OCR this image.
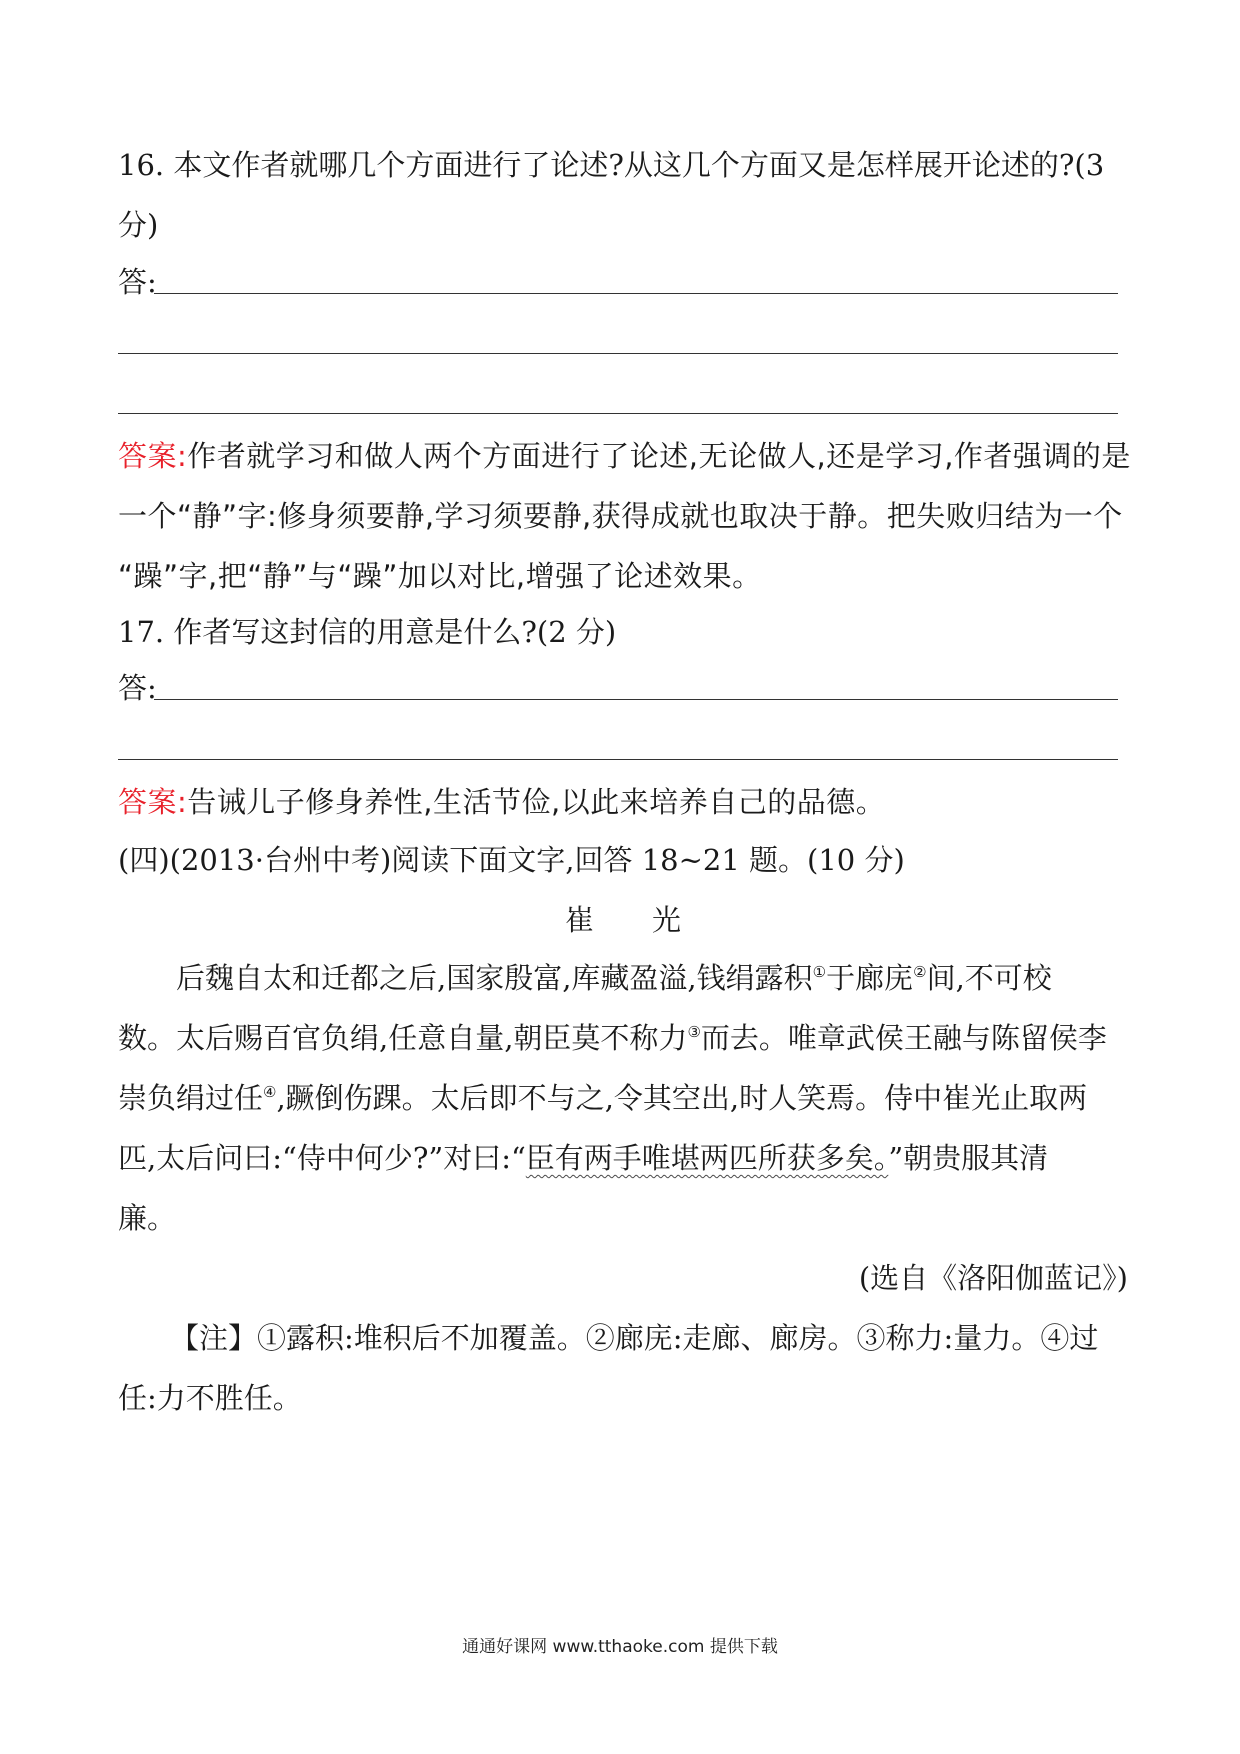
16. 本文作者就哪几个方面进行了论述?从这几个方面又是怎样展开论述的?(3
分)
答:
答案:作者就学习和做人两个方面进行了论述,无论做人,还是学习,作者强调的是
一个“静”字:修身须要静,学习须要静,获得成就也取决于静。把失败归结为一个
“躁”字,把“静”与“躁”加以对比,增强了论述效果。
17. 作者写这封信的用意是什么?(2 分)
答:
答案:告诫儿子修身养性,生活节俭,以此来培养自己的品德。
(四)(2013·台州中考)阅读下面文字,回答 18~21 题。(10 分)
崔　　光
后魏自太和迁都之后,国家殷富,库藏盈溢,钱绢露积①于廊庑②间,不可校
数。太后赐百官负绢,任意自量,朝臣莫不称力③而去。唯章武侯王融与陈留侯李
崇负绢过任④,蹶倒伤踝。太后即不与之,令其空出,时人笑焉。侍中崔光止取两
匹,太后问曰:“侍中何少?”对曰:“臣有两手唯堪两匹所获多矣。”朝贵服其清
廉。
(选自《洛阳伽蓝记》)
【注】①露积:堆积后不加覆盖。②廊庑:走廊、廊房。③称力:量力。④过
任:力不胜任。
通通好课网 www.tthaoke.com 提供下载
